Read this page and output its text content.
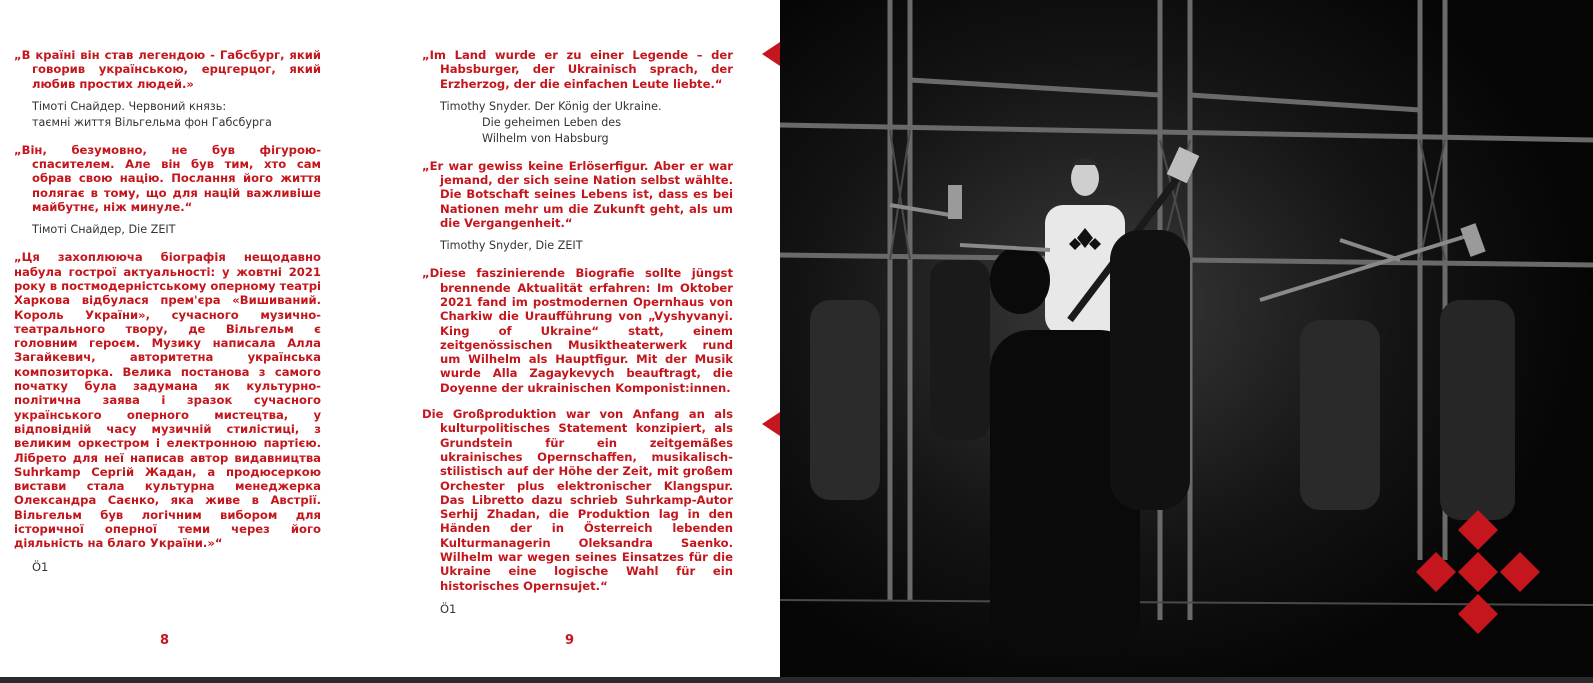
„В країні він став легендою - Габсбург, який говорив українською, ерцгерцог, який любив простих людей.»

Тімоті Снайдер. Червоний князь:
таємні життя Вільгельма фон Габсбурга

„Він, безумовно, не був фігурою-спасителем. Але він був тим, хто сам обрав свою націю. Послання його життя полягає в тому, що для націй важливіше майбутнє, ніж минуле.“

Тімоті Снайдер, Die ZEIT

„Ця захоплююча біографія нещодавно набула гострої актуальності: у жовтні 2021 року в постмодерністському оперному театрі Харкова відбулася прем'єра «Вишиваний. Король України», сучасного музично-театрального твору, де Вільгельм є головним героєм. Музику написала Алла Загайкевич, авторитетна українська композиторка. Велика постанова з самого початку була задумана як культурно-політична заява і зразок сучасного українського оперного мистецтва, у відповідній часу музичній стилістиці, з великим оркестром і електронною партією. Лібрето для неї написав автор видавництва Suhrkamp Сергій Жадан, а продюсеркою вистави стала культурна менеджерка Олександра Саєнко, яка живе в Австрії. Вільгельм був логічним вибором для історичної оперної теми через його діяльність на благо України.»“

Ö1
8

„Im Land wurde er zu einer Legende – der Habsburger, der Ukrainisch sprach, der Erzherzog, der die einfachen Leute liebte.“

Timothy Snyder. Der König der Ukraine.
Die geheimen Leben des
Wilhelm von Habsburg

„Er war gewiss keine Erlöserfigur. Aber er war jemand, der sich seine Nation selbst wählte. Die Botschaft seines Lebens ist, dass es bei Nationen mehr um die Zukunft geht, als um die Vergangenheit.“

Timothy Snyder, Die ZEIT

„Diese faszinierende Biografie sollte jüngst brennende Aktualität erfahren: Im Oktober 2021 fand im postmodernen Opernhaus von Charkiw die Uraufführung von „Vyshyvanyi. King of Ukraine“ statt, einem zeitgenössischen Musiktheaterwerk rund um Wilhelm als Hauptfigur. Mit der Musik wurde Alla Zagaykevych beauftragt, die Doyenne der ukrainischen Komponist:innen.

Die Großproduktion war von Anfang an als kulturpolitisches Statement konzipiert, als Grundstein für ein zeitgemäßes ukrainisches Opernschaffen, musikalisch-stilistisch auf der Höhe der Zeit, mit großem Orchester plus elektronischer Klangspur. Das Libretto dazu schrieb Suhrkamp-Autor Serhij Zhadan, die Produktion lag in den Händen der in Österreich lebenden Kulturmanagerin Oleksandra Saenko. Wilhelm war wegen seines Einsatzes für die Ukraine eine logische Wahl für ein historisches Opernsujet.“

Ö1
9
